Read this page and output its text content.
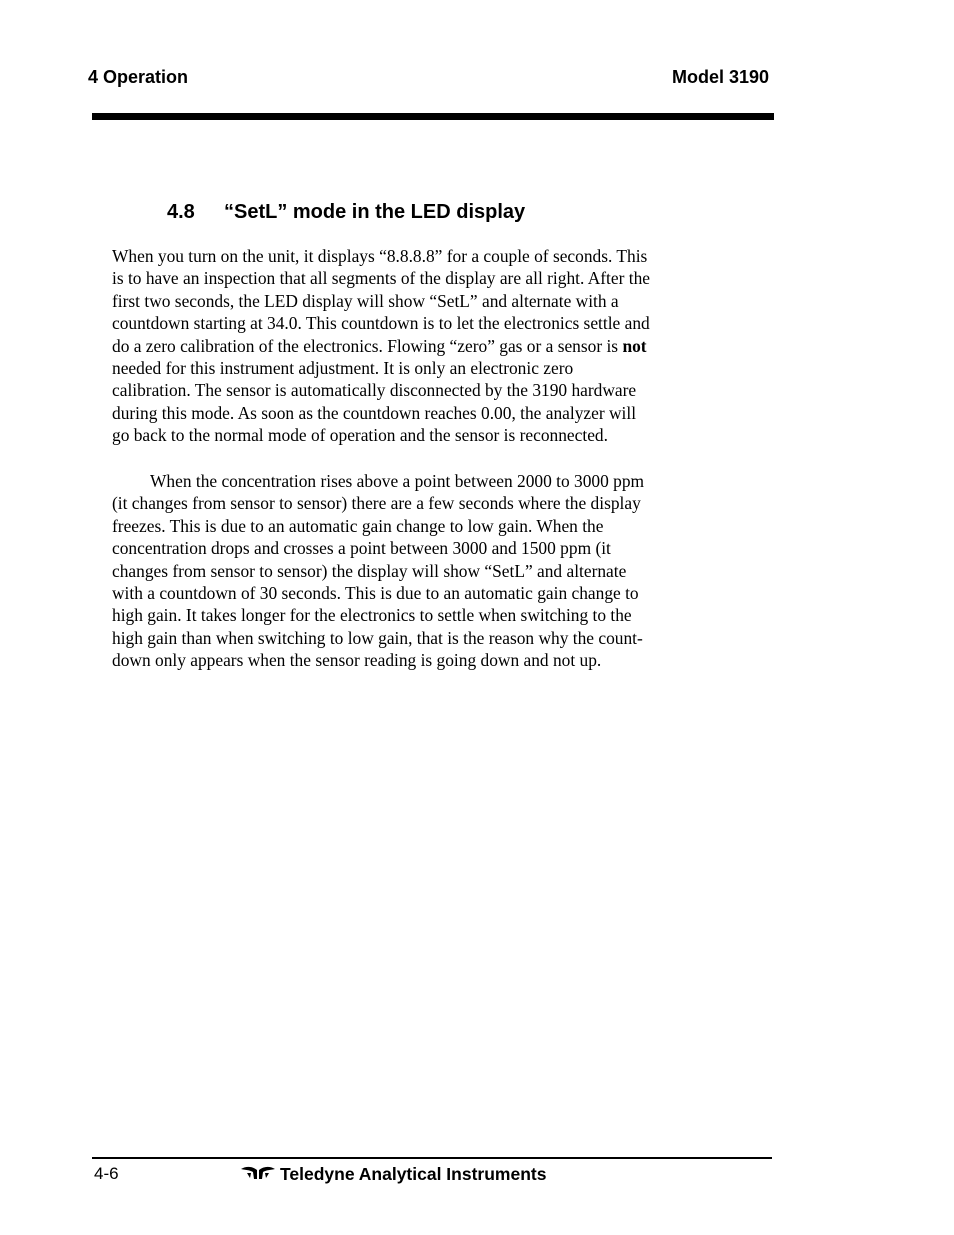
4 Operation	Model 3190
4.8 “SetL” mode in the LED display
When you turn on the unit, it displays “8.8.8.8” for a couple of seconds. This
is to have an inspection that all segments of the display are all right. After the
first two seconds, the LED display will show “SetL” and alternate with a
countdown starting at 34.0. This countdown is to let the electronics settle and
do a zero calibration of the electronics. Flowing “zero” gas or a sensor is not
needed for this instrument adjustment. It is only an electronic zero
calibration. The sensor is automatically disconnected by the 3190 hardware
during this mode. As soon as the countdown reaches 0.00, the analyzer will
go back to the normal mode of operation and the sensor is reconnected.
When the concentration rises above a point between 2000 to 3000 ppm
(it changes from sensor to sensor) there are a few seconds where the display
freezes. This is due to an automatic gain change to low gain. When the
concentration drops and crosses a point between 3000 and 1500 ppm (it
changes from sensor to sensor) the display will show “SetL” and alternate
with a countdown of 30 seconds. This is due to an automatic gain change to
high gain. It takes longer for the electronics to settle when switching to the
high gain than when switching to low gain, that is the reason why the count-
down only appears when the sensor reading is going down and not up.
4-6	Teledyne Analytical Instruments
